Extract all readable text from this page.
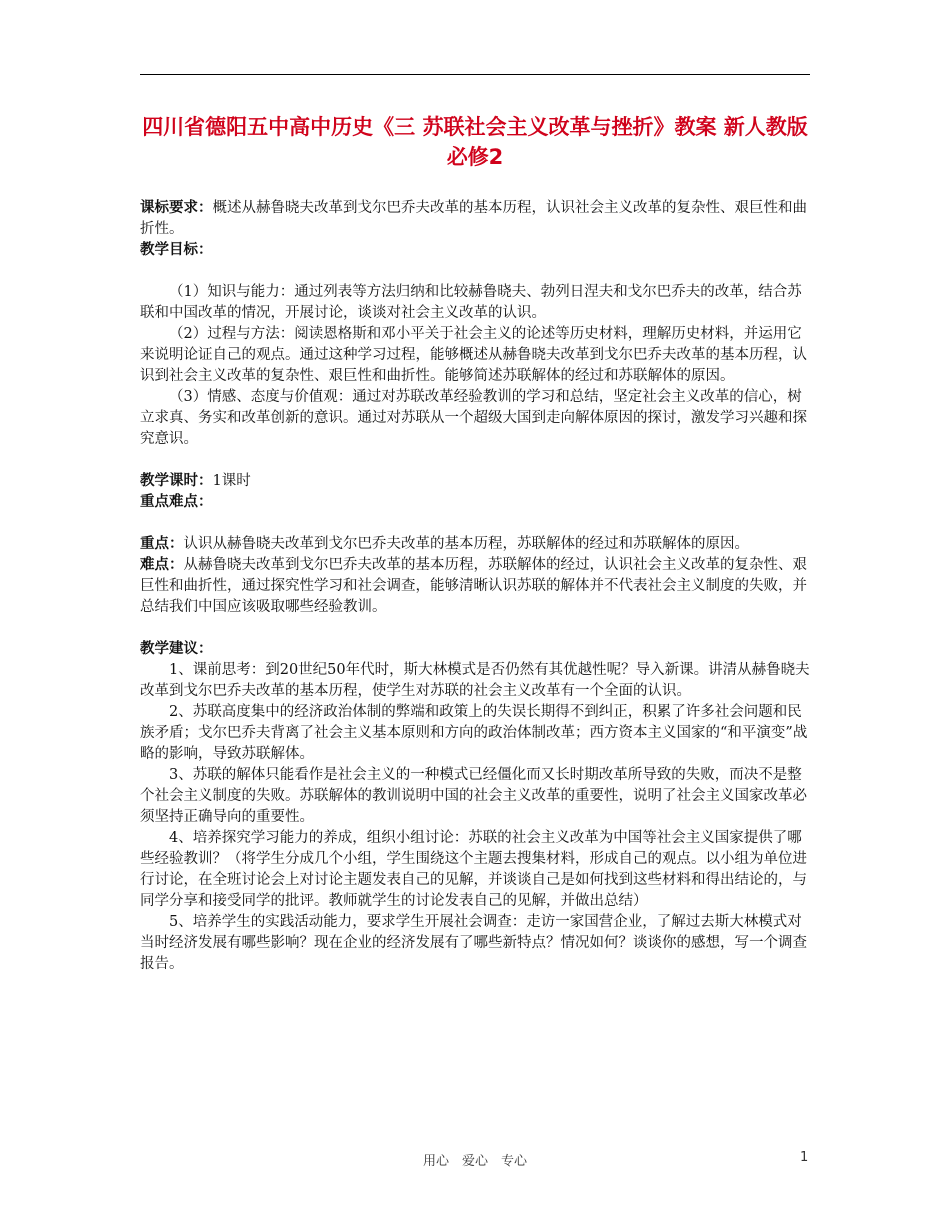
四川省德阳五中高中历史《三 苏联社会主义改革与挫折》教案 新人教版必修2

课标要求：概述从赫鲁晓夫改革到戈尔巴乔夫改革的基本历程，认识社会主义改革的复杂性、艰巨性和曲折性。

教学目标：

（1）知识与能力：通过列表等方法归纳和比较赫鲁晓夫、勃列日涅夫和戈尔巴乔夫的改革，结合苏联和中国改革的情况，开展讨论，谈谈对社会主义改革的认识。

（2）过程与方法：阅读恩格斯和邓小平关于社会主义的论述等历史材料，理解历史材料，并运用它来说明论证自己的观点。通过这种学习过程，能够概述从赫鲁晓夫改革到戈尔巴乔夫改革的基本历程，认识到社会主义改革的复杂性、艰巨性和曲折性。能够简述苏联解体的经过和苏联解体的原因。

（3）情感、态度与价值观：通过对苏联改革经验教训的学习和总结，坚定社会主义改革的信心，树立求真、务实和改革创新的意识。通过对苏联从一个超级大国到走向解体原因的探讨，激发学习兴趣和探究意识。

教学课时：1课时

重点难点：

重点：认识从赫鲁晓夫改革到戈尔巴乔夫改革的基本历程，苏联解体的经过和苏联解体的原因。

难点：从赫鲁晓夫改革到戈尔巴乔夫改革的基本历程，苏联解体的经过，认识社会主义改革的复杂性、艰巨性和曲折性，通过探究性学习和社会调查，能够清晰认识苏联的解体并不代表社会主义制度的失败，并总结我们中国应该吸取哪些经验教训。

教学建议：

1、课前思考：到20世纪50年代时，斯大林模式是否仍然有其优越性呢？导入新课。讲清从赫鲁晓夫改革到戈尔巴乔夫改革的基本历程，使学生对苏联的社会主义改革有一个全面的认识。

2、苏联高度集中的经济政治体制的弊端和政策上的失误长期得不到纠正，积累了许多社会问题和民族矛盾；戈尔巴乔夫背离了社会主义基本原则和方向的政治体制改革；西方资本主义国家的“和平演变”战略的影响，导致苏联解体。

3、苏联的解体只能看作是社会主义的一种模式已经僵化而又长时期改革所导致的失败，而决不是整个社会主义制度的失败。苏联解体的教训说明中国的社会主义改革的重要性，说明了社会主义国家改革必须坚持正确导向的重要性。

4、培养探究学习能力的养成，组织小组讨论：苏联的社会主义改革为中国等社会主义国家提供了哪些经验教训？（将学生分成几个小组，学生围绕这个主题去搜集材料，形成自己的观点。以小组为单位进行讨论，在全班讨论会上对讨论主题发表自己的见解，并谈谈自己是如何找到这些材料和得出结论的，与同学分享和接受同学的批评。教师就学生的讨论发表自己的见解，并做出总结）

5、培养学生的实践活动能力，要求学生开展社会调查：走访一家国营企业，了解过去斯大林模式对当时经济发展有哪些影响？现在企业的经济发展有了哪些新特点？情况如何？谈谈你的感想，写一个调查报告。

用心　爱心　专心	1
